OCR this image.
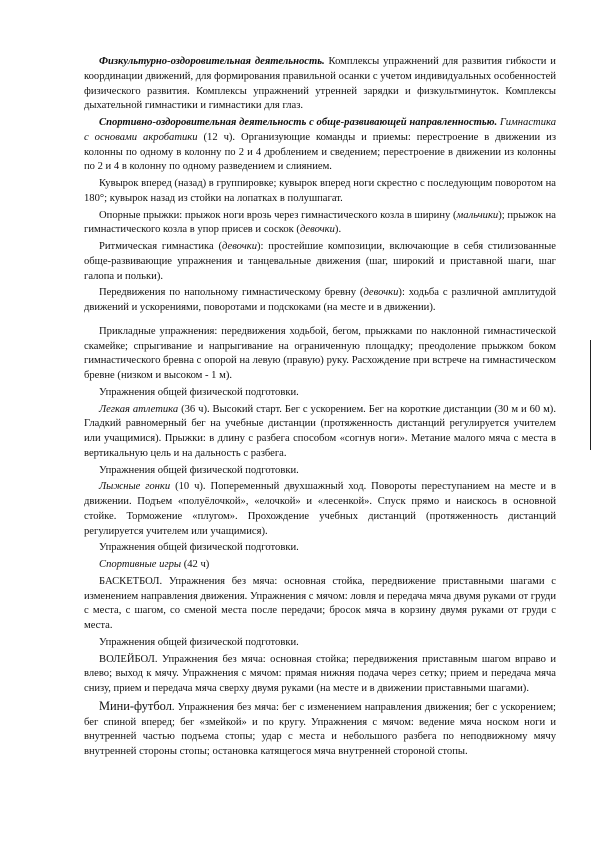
Физкультурно-оздоровительная деятельность. Комплексы упражнений для развития гибкости и координации движений, для формирования правильной осанки с учетом индивидуальных особенностей физического развития. Комплексы упражнений утренней зарядки и физкультминуток. Комплексы дыхательной гимнастики и гимнастики для глаз.

Спортивно-оздоровительная деятельность с обще-развивающей направленностью. Гимнастика с основами акробатики (12 ч). Организующие команды и приемы: перестроение в движении из колонны по одному в колонну по 2 и 4 дроблением и сведением; перестроение в движении из колонны по 2 и 4 в колонну по одному разведением и слиянием.

Кувырок вперед (назад) в группировке; кувырок вперед ноги скрестно с последующим поворотом на 180°; кувырок назад из стойки на лопатках в полушпагат.

Опорные прыжки: прыжок ноги врозь через гимнастического козла в ширину (мальчики); прыжок на гимнастического козла в упор присев и соскок (девочки).

Ритмическая гимнастика (девочки): простейшие композиции, включающие в себя стилизованные обще-развивающие упражнения и танцевальные движения (шаг, широкий и приставной шаги, шаг галопа и польки).

Передвижения по напольному гимнастическому бревну (девочки): ходьба с различной амплитудой движений и ускорениями, поворотами и подскоками (на месте и в движении).

Прикладные упражнения: передвижения ходьбой, бегом, прыжками по наклонной гимнастической скамейке; спрыгивание и напрыгивание на ограниченную площадку; преодоление прыжком боком гимнастического бревна с опорой на левую (правую) руку. Расхождение при встрече на гимнастическом бревне (низком и высоком - 1 м).

Упражнения общей физической подготовки.

Легкая атлетика (36 ч). Высокий старт. Бег с ускорением. Бег на короткие дистанции (30 м и 60 м). Гладкий равномерный бег на учебные дистанции (протяженность дистанций регулируется учителем или учащимися). Прыжки: в длину с разбега способом «согнув ноги». Метание малого мяча с места в вертикальную цель и на дальность с разбега.

Упражнения общей физической подготовки.

Лыжные гонки (10 ч). Попеременный двухшажный ход. Повороты переступанием на месте и в движении. Подъем «полуёлочкой», «елочкой» и «лесенкой». Спуск прямо и наискось в основной стойке. Торможение «плугом». Прохождение учебных дистанций (протяженность дистанций регулируется учителем или учащимися).

Упражнения общей физической подготовки.

Спортивные игры (42 ч)

БАСКЕТБОЛ. Упражнения без мяча: основная стойка, передвижение приставными шагами с изменением направления движения. Упражнения с мячом: ловля и передача мяча двумя руками от груди с места, с шагом, со сменой места после передачи; бросок мяча в корзину двумя руками от груди с места.

Упражнения общей физической подготовки.

ВОЛЕЙБОЛ. Упражнения без мяча: основная стойка; передвижения приставным шагом вправо и влево; выход к мячу. Упражнения с мячом: прямая нижняя подача через сетку; прием и передача мяча снизу, прием и передача мяча сверху двумя руками (на месте и в движении приставными шагами).

Мини-футбол. Упражнения без мяча: бег с изменением направления движения; бег с ускорением; бег спиной вперед; бег «змейкой» и по кругу. Упражнения с мячом: ведение мяча носком ноги и внутренней частью подъема стопы; удар с места и небольшого разбега по неподвижному мячу внутренней стороны стопы; остановка катящегося мяча внутренней стороной стопы.
